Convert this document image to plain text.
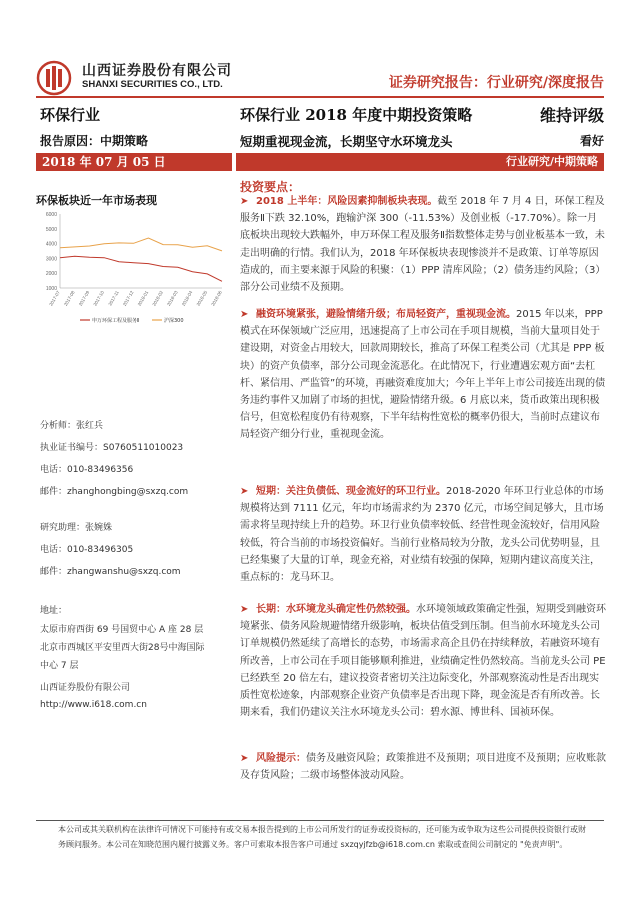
山西证券股份有限公司
SHANXI SECURITIES CO., LTD.	证券研究报告：行业研究/深度报告
环保行业	环保行业 2018 年度中期投资策略	维持评级
报告原因：中期策略	短期重视现金流，长期坚守水环境龙头	看好
2018 年 07 月 05 日	行业研究/中期策略
环保板块近一年市场表现
6000
5000
4000
3000
2000
1000
2017-07 2017-08 2017-09 2017-10 2017-11 2017-12 2018-01 2018-02 2018-03 2018-04 2018-05 2018-06
申万环保工程及服务Ⅱ	沪深300
分析师：张红兵
执业证书编号：S0760511010023
电话：010-83496356
邮件：zhanghongbing@sxzq.com
研究助理：张婉姝
电话：010-83496305
邮件：zhangwanshu@sxzq.com
地址：
太原市府西街 69 号国贸中心 A 座 28 层
北京市西城区平安里西大街28号中海国际
中心 7 层
山西证券股份有限公司
http://www.i618.com.cn
投资要点：
➤ 2018 上半年：风险因素抑制板块表现。截至 2018 年 7 月 4 日，环保工程及服务Ⅱ下跌 32.10%，跑输沪深 300（-11.53%）及创业板（-17.70%）。除一月底板块出现较大跌幅外，申万环保工程及服务Ⅱ指数整体走势与创业板基本一致，未走出明确的行情。我们认为，2018 年环保板块表现惨淡并不是政策、订单等原因造成的，而主要来源于风险的积聚：（1）PPP 清库风险；（2）债务违约风险；（3）部分公司业绩不及预期。
➤ 融资环境紧张，避险情绪升级；布局轻资产，重视现金流。2015 年以来，PPP 模式在环保领域广泛应用，迅速提高了上市公司在手项目规模，当前大量项目处于建设期，对资金占用较大，回款周期较长，推高了环保工程类公司（尤其是 PPP 板块）的资产负债率，部分公司现金流恶化。在此情况下，行业遭遇宏观方面“去杠杆、紧信用、严监管”的环境，再融资难度加大；今年上半年上市公司接连出现的债务违约事件又加剧了市场的担忧，避险情绪升级。6 月底以来，货币政策出现积极信号，但宽松程度仍有待观察，下半年结构性宽松的概率仍很大，当前时点建议布局轻资产细分行业，重视现金流。
➤ 短期：关注负债低、现金流好的环卫行业。2018-2020 年环卫行业总体的市场规模将达到 7111 亿元，年均市场需求约为 2370 亿元，市场空间足够大，且市场需求将呈现持续上升的趋势。环卫行业负债率较低、经营性现金流较好，信用风险较低，符合当前的市场投资偏好。当前行业格局较为分散，龙头公司优势明显，且已经集聚了大量的订单，现金充裕，对业绩有较强的保障，短期内建议高度关注，重点标的：龙马环卫。
➤ 长期：水环境龙头确定性仍然较强。水环境领域政策确定性强，短期受到融资环境紧张、债务风险规避情绪升级影响，板块估值受到压制。但当前水环境龙头公司订单规模仍然延续了高增长的态势，市场需求高企且仍在持续释放，若融资环境有所改善，上市公司在手项目能够顺利推进，业绩确定性仍然较高。当前龙头公司 PE 已经跌至 20 倍左右，建议投资者密切关注边际变化，外部观察流动性是否出现实质性宽松迹象，内部观察企业资产负债率是否出现下降，现金流是否有所改善。长期来看，我们仍建议关注水环境龙头公司：碧水源、博世科、国祯环保。
➤ 风险提示：债务及融资风险；政策推进不及预期；项目进度不及预期；应收账款及存货风险；二级市场整体波动风险。
本公司或其关联机构在法律许可情况下可能持有或交易本报告提到的上市公司所发行的证券或投资标的，还可能为或争取为这些公司提供投资银行或财
务顾问服务。本公司在知晓范围内履行披露义务。客户可索取本报告客户可通过 sxzqyjfzb@i618.com.cn 索取或查阅公司制定的 "免责声明"。
